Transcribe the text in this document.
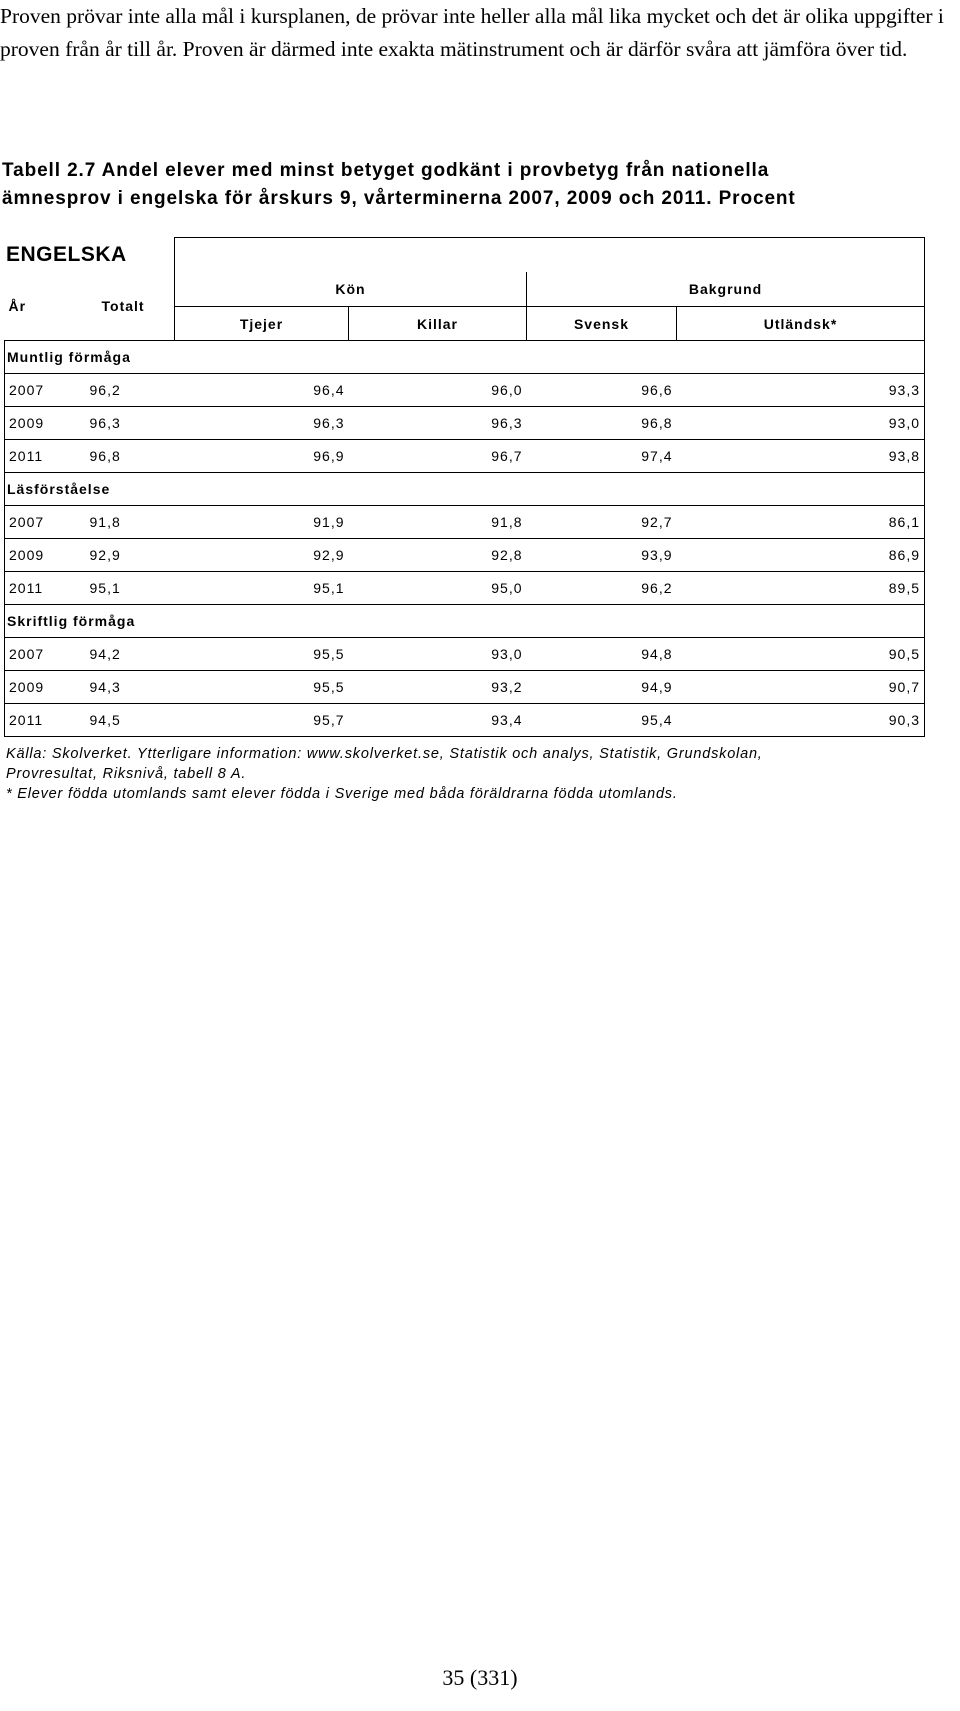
Proven prövar inte alla mål i kursplanen, de prövar inte heller alla mål lika mycket och det är olika uppgifter i proven från år till år. Proven är därmed inte exakta mätinstrument och är därför svåra att jämföra över tid.

Tabell 2.7 Andel elever med minst betyget godkänt i provbetyg från nationella
ämnesprov i engelska för årskurs 9, vårterminerna 2007, 2009 och 2011. Procent

År	Totalt	Kön		Bakgrund	
		Tjejer	Killar	Svensk	Utländsk*
Muntlig förmåga					
2007	96,2	96,4	96,0	96,6	93,3
2009	96,3	96,3	96,3	96,8	93,0
2011	96,8	96,9	96,7	97,4	93,8
Läsförståelse					
2007	91,8	91,9	91,8	92,7	86,1
2009	92,9	92,9	92,8	93,9	86,9
2011	95,1	95,1	95,0	96,2	89,5
Skriftlig förmåga					
2007	94,2	95,5	93,0	94,8	90,5
2009	94,3	95,5	93,2	94,9	90,7
2011	94,5	95,7	93,4	95,4	90,3
ENGELSKA

Källa: Skolverket. Ytterligare information: www.skolverket.se, Statistik och analys, Statistik, Grundskolan,

Provresultat, Riksnivå, tabell 8 A.

* Elever födda utomlands samt elever födda i Sverige med båda föräldrarna födda utomlands.

35 (331)
